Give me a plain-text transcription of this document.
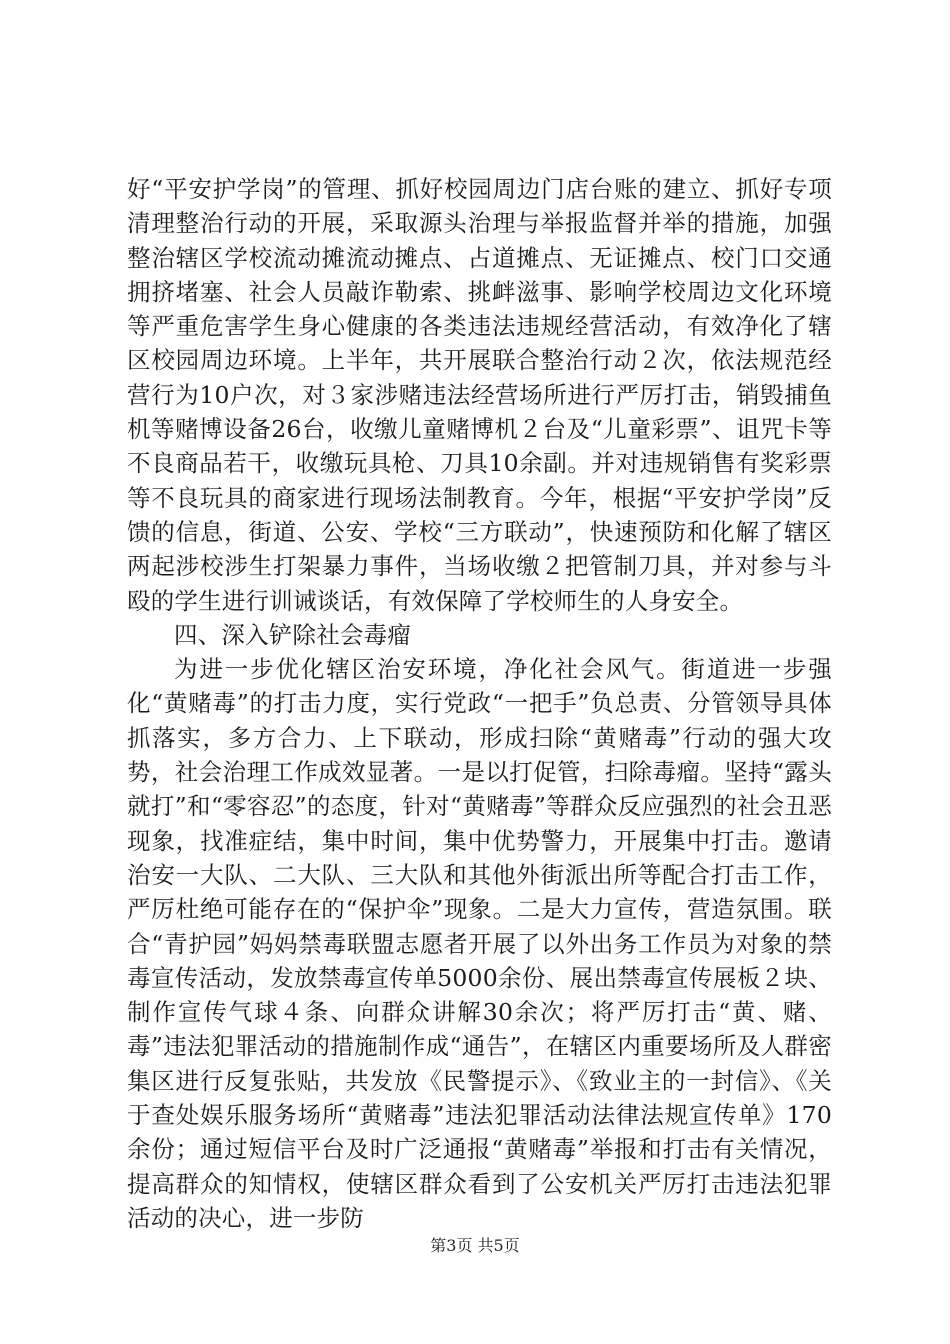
好“平安护学岗”的管理、抓好校园周边门店台账的建立、抓好专项清理整治行动的开展，采取源头治理与举报监督并举的措施，加强整治辖区学校流动摊流动摊点、占道摊点、无证摊点、校门口交通拥挤堵塞、社会人员敲诈勒索、挑衅滋事、影响学校周边文化环境等严重危害学生身心健康的各类违法违规经营活动，有效净化了辖区校园周边环境。上半年，共开展联合整治行动２次，依法规范经营行为10户次，对３家涉赌违法经营场所进行严厉打击，销毁捕鱼机等赌博设备26台，收缴儿童赌博机２台及“儿童彩票”、诅咒卡等不良商品若干，收缴玩具枪、刀具10余副。并对违规销售有奖彩票等不良玩具的商家进行现场法制教育。今年，根据“平安护学岗”反馈的信息，街道、公安、学校“三方联动”，快速预防和化解了辖区两起涉校涉生打架暴力事件，当场收缴２把管制刀具，并对参与斗殴的学生进行训诫谈话，有效保障了学校师生的人身安全。

四、深入铲除社会毒瘤

为进一步优化辖区治安环境，净化社会风气。街道进一步强化“黄赌毒”的打击力度，实行党政“一把手”负总责、分管领导具体抓落实，多方合力、上下联动，形成扫除“黄赌毒”行动的强大攻势，社会治理工作成效显著。一是以打促管，扫除毒瘤。坚持“露头就打”和“零容忍”的态度，针对“黄赌毒”等群众反应强烈的社会丑恶现象，找准症结，集中时间，集中优势警力，开展集中打击。邀请治安一大队、二大队、三大队和其他外街派出所等配合打击工作，严厉杜绝可能存在的“保护伞”现象。二是大力宣传，营造氛围。联合“青护园”妈妈禁毒联盟志愿者开展了以外出务工作员为对象的禁毒宣传活动，发放禁毒宣传单5000余份、展出禁毒宣传展板２块、制作宣传气球４条、向群众讲解30余次；将严厉打击“黄、赌、毒”违法犯罪活动的措施制作成“通告”，在辖区内重要场所及人群密集区进行反复张贴，共发放《民警提示》、《致业主的一封信》、《关于查处娱乐服务场所“黄赌毒”违法犯罪活动法律法规宣传单》170余份；通过短信平台及时广泛通报“黄赌毒”举报和打击有关情况，提高群众的知情权，使辖区群众看到了公安机关严厉打击违法犯罪活动的决心，进一步防

第3页 共5页
